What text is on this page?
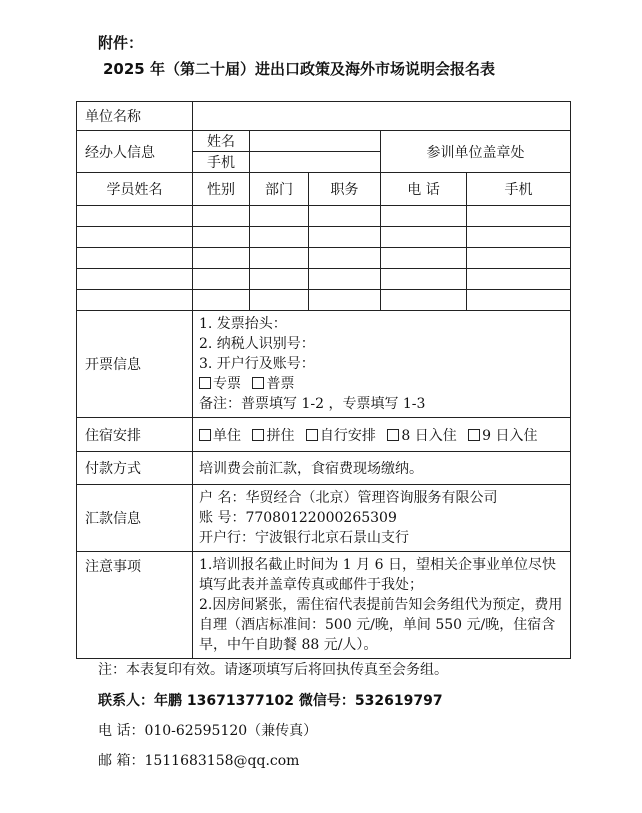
附件：
2025 年（第二十届）进出口政策及海外市场说明会报名表
单位名称					
经办人信息	姓名			参训单位盖章处	
	手机				
学员姓名	性别	部门	职务	电 话	手机

开票信息	1. 发票抬头：
2. 纳税人识别号：
3. 开户行及账号：
专票 普票
备注：普票填写 1-2 ，专票填写 1-3				

住宿安排	单住 拼住 自行安排 8 日入住 9 日入住				
付款方式	培训费会前汇款，食宿费现场缴纳。				
汇款信息	户 名：华贸经合（北京）管理咨询服务有限公司
账 号：77080122000265309
开户行：宁波银行北京石景山支行				

注意事项	1.培训报名截止时间为 1 月 6 日，望相关企事业单位尽快填写此表并盖章传真或邮件于我处；
2.因房间紧张，需住宿代表提前告知会务组代为预定，费用自理（酒店标准间：500 元/晚，单间 550 元/晚，住宿含早，中午自助餐 88 元/人）。				
注：本表复印有效。请逐项填写后将回执传真至会务组。
联系人：年鹏 13671377102 微信号：532619797
电 话：010-62595120（兼传真）
邮 箱：1511683158@qq.com
